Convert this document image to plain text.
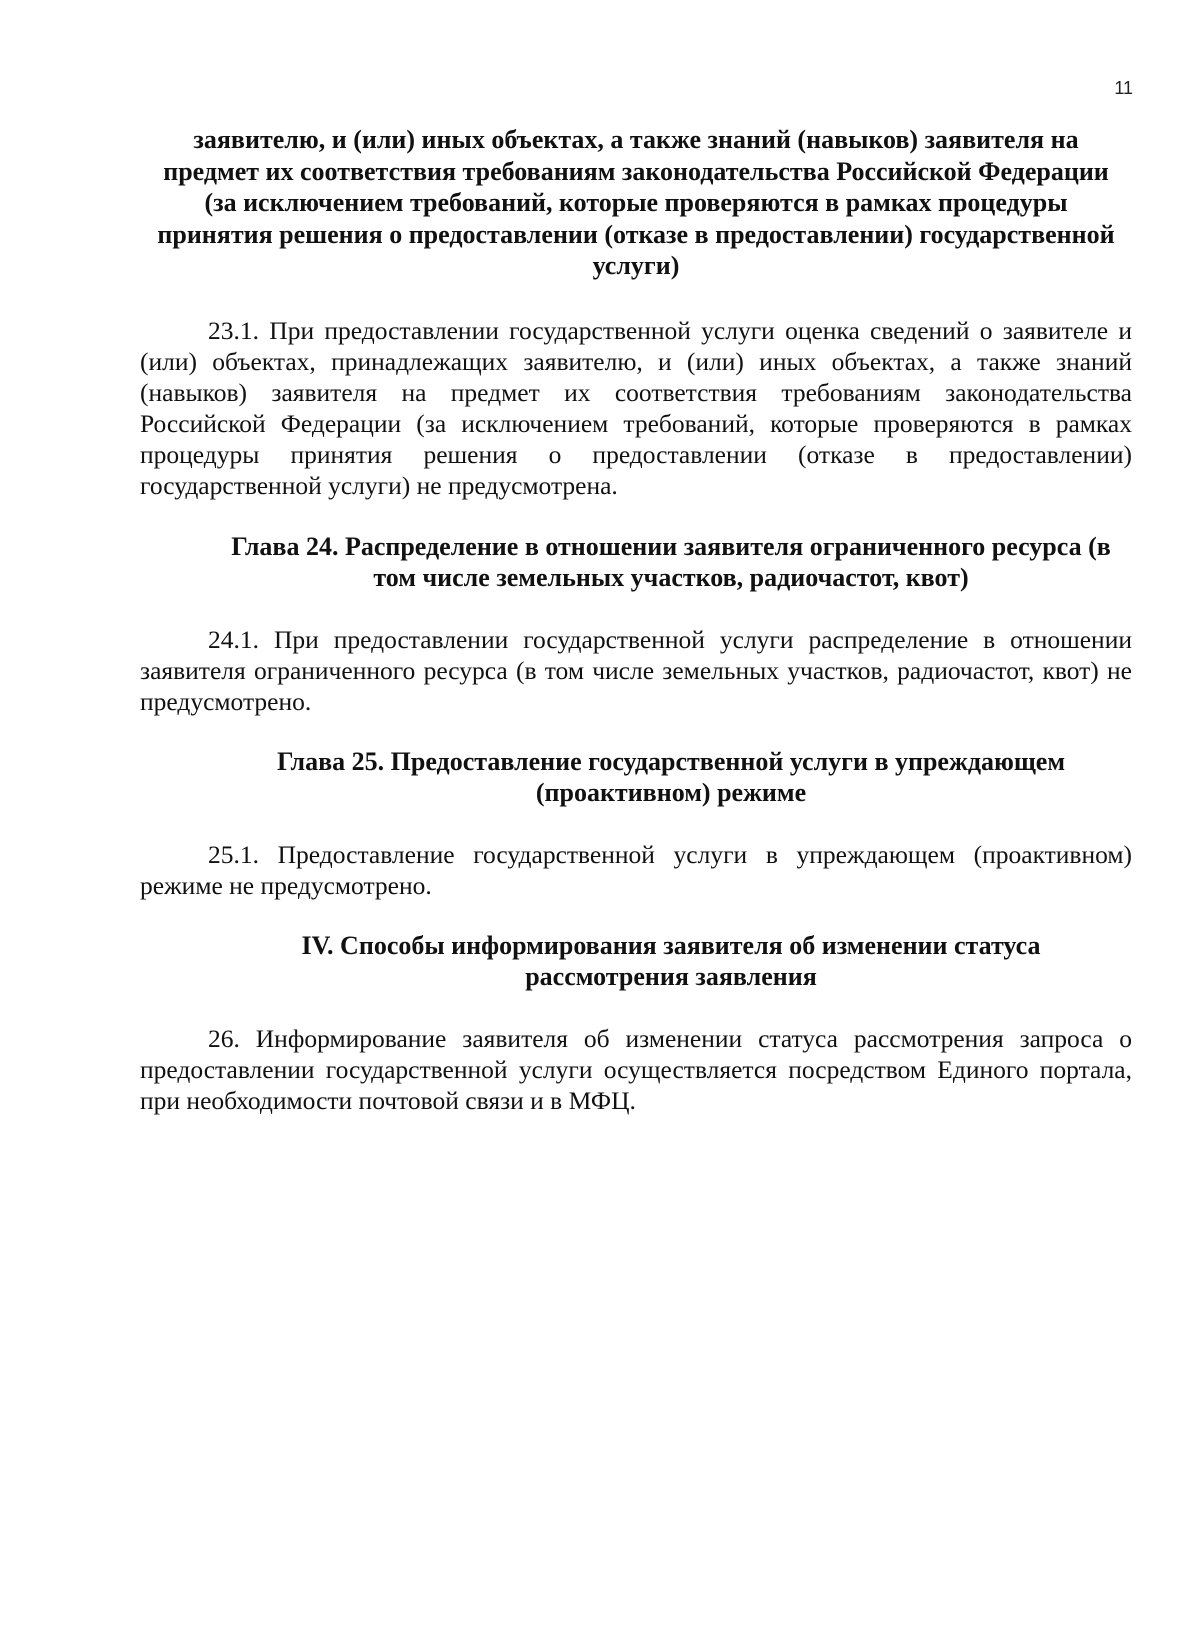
11

заявителю, и (или) иных объектах, а также знаний (навыков) заявителя на предмет их соответствия требованиям законодательства Российской Федерации (за исключением требований, которые проверяются в рамках процедуры принятия решения о предоставлении (отказе в предоставлении) государственной услуги)

23.1. При предоставлении государственной услуги оценка сведений о заявителе и (или) объектах, принадлежащих заявителю, и (или) иных объектах, а также знаний (навыков) заявителя на предмет их соответствия требованиям законодательства Российской Федерации (за исключением требований, которые проверяются в рамках процедуры принятия решения о предоставлении (отказе в предоставлении) государственной услуги) не предусмотрена.

Глава 24. Распределение в отношении заявителя ограниченного ресурса (в том числе земельных участков, радиочастот, квот)

24.1. При предоставлении государственной услуги распределение в отношении заявителя ограниченного ресурса (в том числе земельных участков, радиочастот, квот) не предусмотрено.

Глава 25. Предоставление государственной услуги в упреждающем (проактивном) режиме

25.1. Предоставление государственной услуги в упреждающем (проактивном) режиме не предусмотрено.

IV. Способы информирования заявителя об изменении статуса рассмотрения заявления

26. Информирование заявителя об изменении статуса рассмотрения запроса о предоставлении государственной услуги осуществляется посредством Единого портала, при необходимости почтовой связи и в МФЦ.
